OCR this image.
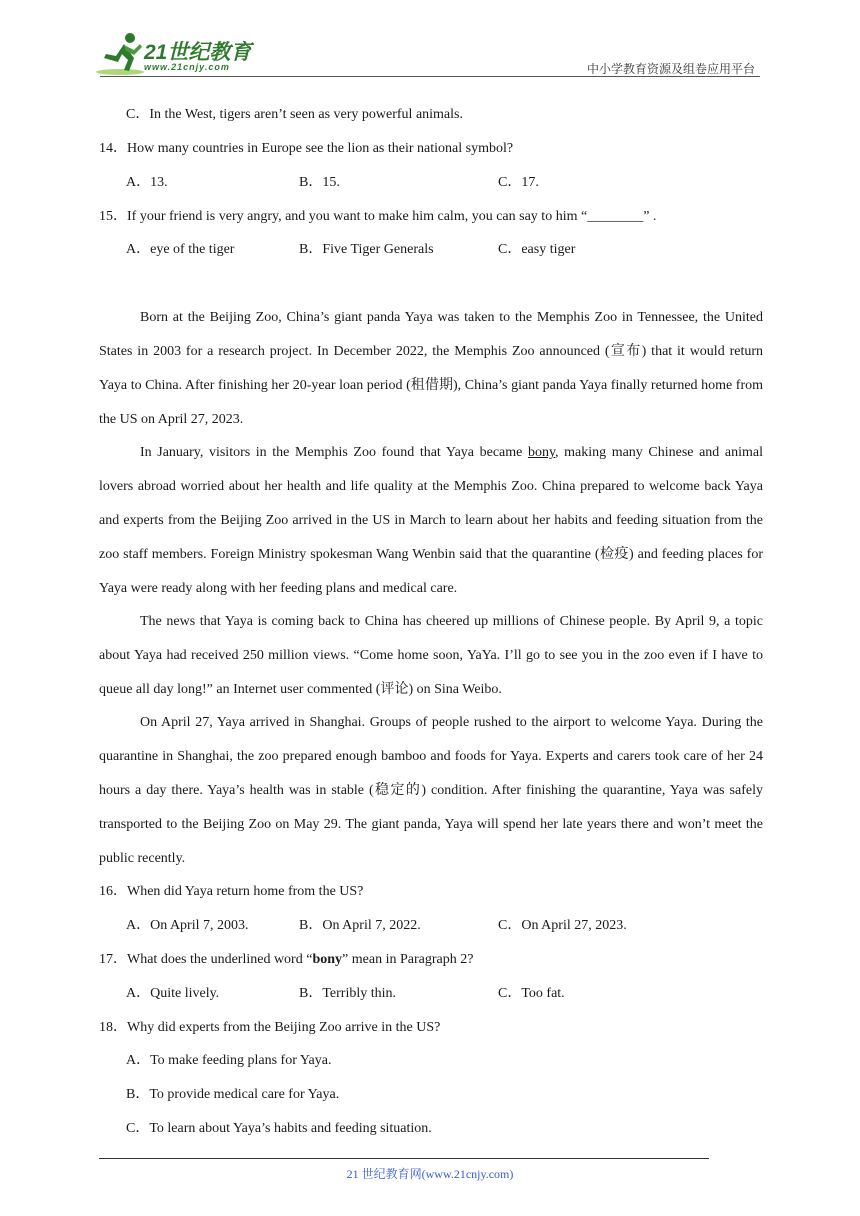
21世纪教育
www.21cnjy.com	中小学教育资源及组卷应用平台
C．In the West, tigers aren’t seen as very powerful animals.
14．How many countries in Europe see the lion as their national symbol?
A．13.	B．15.	C．17.
15．If your friend is very angry, and you want to make him calm, you can say to him “________” .
A．eye of the tiger	B．Five Tiger Generals	C．easy tiger
Born at the Beijing Zoo, China’s giant panda Yaya was taken to the Memphis Zoo in Tennessee, the United States in 2003 for a research project. In December 2022, the Memphis Zoo announced (宣布) that it would return Yaya to China. After finishing her 20-year loan period (租借期), China’s giant panda Yaya finally returned home from the US on April 27, 2023.
In January, visitors in the Memphis Zoo found that Yaya became bony, making many Chinese and animal lovers abroad worried about her health and life quality at the Memphis Zoo. China prepared to welcome back Yaya and experts from the Beijing Zoo arrived in the US in March to learn about her habits and feeding situation from the zoo staff members. Foreign Ministry spokesman Wang Wenbin said that the quarantine (检疫) and feeding places for Yaya were ready along with her feeding plans and medical care.
The news that Yaya is coming back to China has cheered up millions of Chinese people. By April 9, a topic about Yaya had received 250 million views. “Come home soon, YaYa. I’ll go to see you in the zoo even if I have to queue all day long!” an Internet user commented (评论) on Sina Weibo.
On April 27, Yaya arrived in Shanghai. Groups of people rushed to the airport to welcome Yaya. During the quarantine in Shanghai, the zoo prepared enough bamboo and foods for Yaya. Experts and carers took care of her 24 hours a day there. Yaya’s health was in stable (稳定的) condition. After finishing the quarantine, Yaya was safely transported to the Beijing Zoo on May 29. The giant panda, Yaya will spend her late years there and won’t meet the public recently.
16．When did Yaya return home from the US?
A．On April 7, 2003.	B．On April 7, 2022.	C．On April 27, 2023.
17．What does the underlined word “bony” mean in Paragraph 2?
A．Quite lively.	B．Terribly thin.	C．Too fat.
18．Why did experts from the Beijing Zoo arrive in the US?
A．To make feeding plans for Yaya.
B．To provide medical care for Yaya.
C．To learn about Yaya’s habits and feeding situation.
21 世纪教育网(www.21cnjy.com)
